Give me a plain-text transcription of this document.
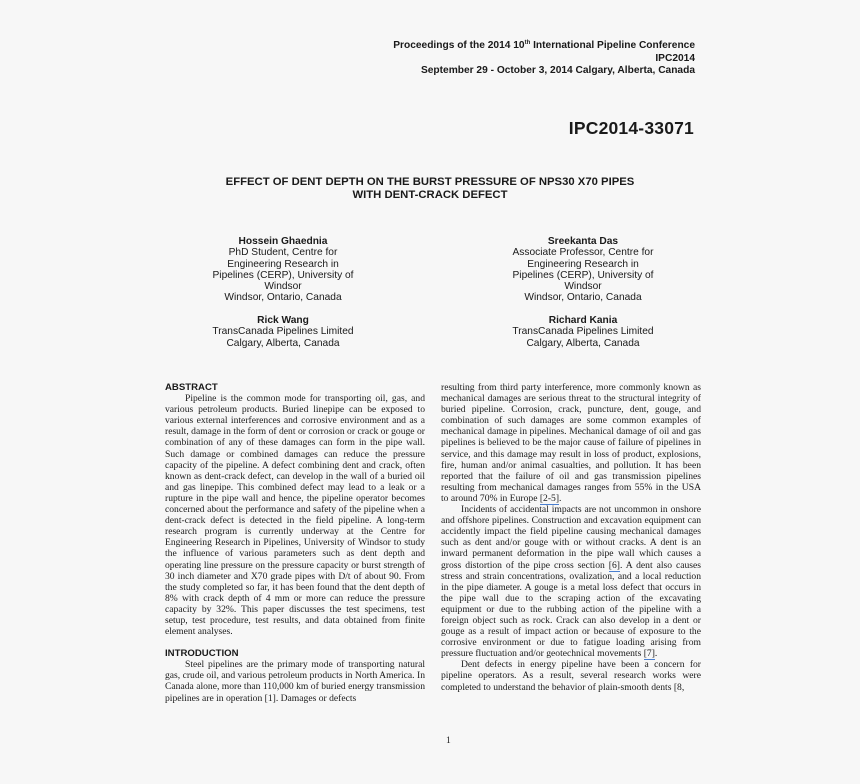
Proceedings of the 2014 10th International Pipeline Conference
IPC2014
September 29 - October 3, 2014 Calgary, Alberta, Canada
IPC2014-33071
EFFECT OF DENT DEPTH ON THE BURST PRESSURE OF NPS30 X70 PIPES
WITH DENT-CRACK DEFECT
Hossein Ghaednia
PhD Student, Centre for
Engineering Research in
Pipelines (CERP), University of
Windsor
Windsor, Ontario, Canada
Sreekanta Das
Associate Professor, Centre for
Engineering Research in
Pipelines (CERP), University of
Windsor
Windsor, Ontario, Canada
Rick Wang
TransCanada Pipelines Limited
Calgary, Alberta, Canada
Richard Kania
TransCanada Pipelines Limited
Calgary, Alberta, Canada
ABSTRACT

Pipeline is the common mode for transporting oil, gas, and various petroleum products. Buried linepipe can be exposed to various external interferences and corrosive environment and as a result, damage in the form of dent or corrosion or crack or gouge or combination of any of these damages can form in the pipe wall. Such damage or combined damages can reduce the pressure capacity of the pipeline. A defect combining dent and crack, often known as dent-crack defect, can develop in the wall of a buried oil and gas linepipe. This combined defect may lead to a leak or a rupture in the pipe wall and hence, the pipeline operator becomes concerned about the performance and safety of the pipeline when a dent-crack defect is detected in the field pipeline. A long-term research program is currently underway at the Centre for Engineering Research in Pipelines, University of Windsor to study the influence of various parameters such as dent depth and operating line pressure on the pressure capacity or burst strength of 30 inch diameter and X70 grade pipes with D/t of about 90. From the study completed so far, it has been found that the dent depth of 8% with crack depth of 4 mm or more can reduce the pressure capacity by 32%. This paper discusses the test specimens, test setup, test procedure, test results, and data obtained from finite element analyses.

INTRODUCTION

Steel pipelines are the primary mode of transporting natural gas, crude oil, and various petroleum products in North America. In Canada alone, more than 110,000 km of buried energy transmission pipelines are in operation [1]. Damages or defects

resulting from third party interference, more commonly known as mechanical damages are serious threat to the structural integrity of buried pipeline. Corrosion, crack, puncture, dent, gouge, and combination of such damages are some common examples of mechanical damage in pipelines. Mechanical damage of oil and gas pipelines is believed to be the major cause of failure of pipelines in service, and this damage may result in loss of product, explosions, fire, human and/or animal casualties, and pollution. It has been reported that the failure of oil and gas transmission pipelines resulting from mechanical damages ranges from 55% in the USA to around 70% in Europe [2-5].

Incidents of accidental impacts are not uncommon in onshore and offshore pipelines. Construction and excavation equipment can accidently impact the field pipeline causing mechanical damages such as dent and/or gouge with or without cracks. A dent is an inward permanent deformation in the pipe wall which causes a gross distortion of the pipe cross section [6]. A dent also causes stress and strain concentrations, ovalization, and a local reduction in the pipe diameter. A gouge is a metal loss defect that occurs in the pipe wall due to the scraping action of the excavating equipment or due to the rubbing action of the pipeline with a foreign object such as rock. Crack can also develop in a dent or gouge as a result of impact action or because of exposure to the corrosive environment or due to fatigue loading arising from pressure fluctuation and/or geotechnical movements [7].

Dent defects in energy pipeline have been a concern for pipeline operators. As a result, several research works were completed to understand the behavior of plain-smooth dents [8,

1
